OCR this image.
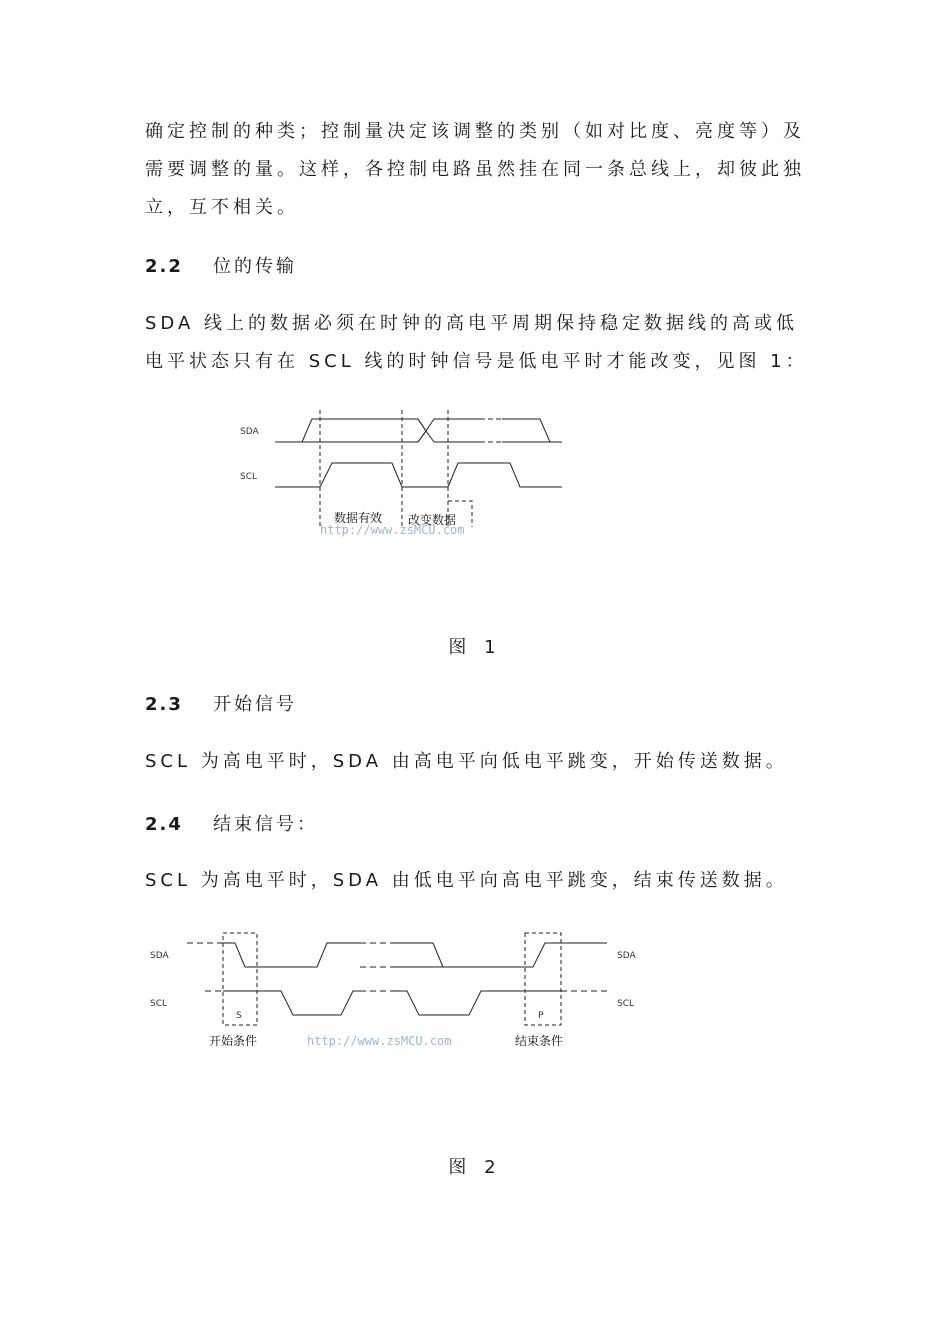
确定控制的种类；控制量决定该调整的类别（如对比度、亮度等）及需要调整的量。这样，各控制电路虽然挂在同一条总线上，却彼此独立，互不相关。

2.2 位的传输

SDA 线上的数据必须在时钟的高电平周期保持稳定数据线的高或低电平状态只有在 SCL 线的时钟信号是低电平时才能改变，见图 1：

SDA
SCL
数据有效 改变数据
http://www.zsMCU.com

图 1

2.3 开始信号

SCL 为高电平时，SDA 由高电平向低电平跳变，开始传送数据。

2.4 结束信号：

SCL 为高电平时，SDA 由低电平向高电平跳变，结束传送数据。

SDA
SCL
SDA
SCL
S	P
开始条件	http://www.zsMCU.com	结束条件

图 2
